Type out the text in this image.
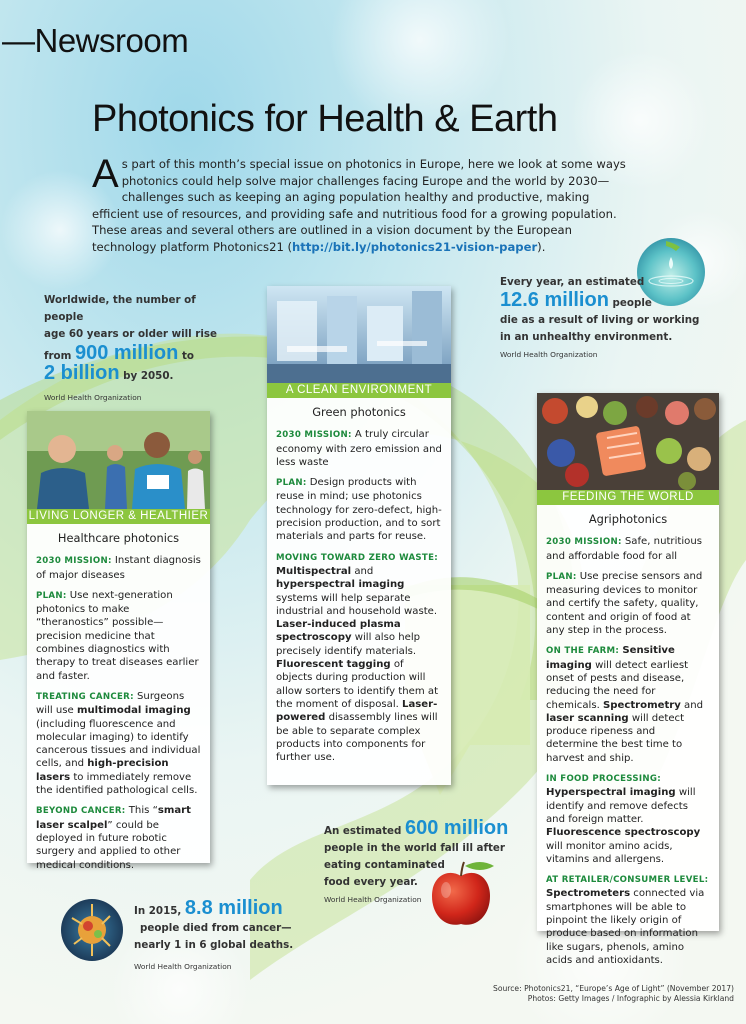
—Newsroom
Photonics for Health & Earth
As part of this month’s special issue on photonics in Europe, here we look at some ways photonics could help solve major challenges facing Europe and the world by 2030—challenges such as keeping an aging population healthy and productive, making efficient use of resources, and providing safe and nutritious food for a growing population. These areas and several others are outlined in a vision document by the European technology platform Photonics21 (http://bit.ly/photonics21-vision-paper).
Worldwide, the number of people
age 60 years or older will rise
from 900 million to
2 billion by 2050.
World Health Organization
Every year, an estimated
12.6 million people
die as a result of living or working
in an unhealthy environment.
World Health Organization
A CLEAN ENVIRONMENT
Green photonics

2030 MISSION: A truly circular economy with zero emission and less waste

PLAN: Design products with reuse in mind; use photonics technology for zero-defect, high-precision production, and to sort materials and parts for reuse.

MOVING TOWARD ZERO WASTE:
Multispectral and hyperspectral imaging systems will help separate industrial and household waste. Laser-induced plasma spectroscopy will also help precisely identify materials. Fluorescent tagging of objects during production will allow sorters to identify them at the moment of disposal. Laser-powered disassembly lines will be able to separate complex products into components for further use.

LIVING LONGER & HEALTHIER
Healthcare photonics

2030 MISSION: Instant diagnosis of major diseases

PLAN: Use next-generation photonics to make “theranostics” possible—precision medicine that combines diagnostics with therapy to treat diseases earlier and faster.

TREATING CANCER: Surgeons will use multimodal imaging (including fluorescence and molecular imaging) to identify cancerous tissues and individual cells, and high-precision lasers to immediately remove the identified pathological cells.

BEYOND CANCER: This “smart laser scalpel” could be deployed in future robotic surgery and applied to other medical conditions.

FEEDING THE WORLD
Agriphotonics

2030 MISSION: Safe, nutritious and affordable food for all

PLAN: Use precise sensors and measuring devices to monitor and certify the safety, quality, content and origin of food at any step in the process.

ON THE FARM: Sensitive imaging will detect earliest onset of pests and disease, reducing the need for chemicals. Spectrometry and laser scanning will detect produce ripeness and determine the best time to harvest and ship.

IN FOOD PROCESSING:
Hyperspectral imaging will identify and remove defects and foreign matter. Fluorescence spectroscopy will monitor amino acids, vitamins and allergens.

AT RETAILER/CONSUMER LEVEL:
Spectrometers connected via smartphones will be able to pinpoint the likely origin of produce based on information like sugars, phenols, amino acids and antioxidants.

An estimated 600 million
people in the world fall ill after
eating contaminated
food every year.
World Health Organization
In 2015, 8.8 million
people died from cancer—
nearly 1 in 6 global deaths.
World Health Organization
Source: Photonics21, “Europe’s Age of Light” (November 2017)
Photos: Getty Images / Infographic by Alessia Kirkland
